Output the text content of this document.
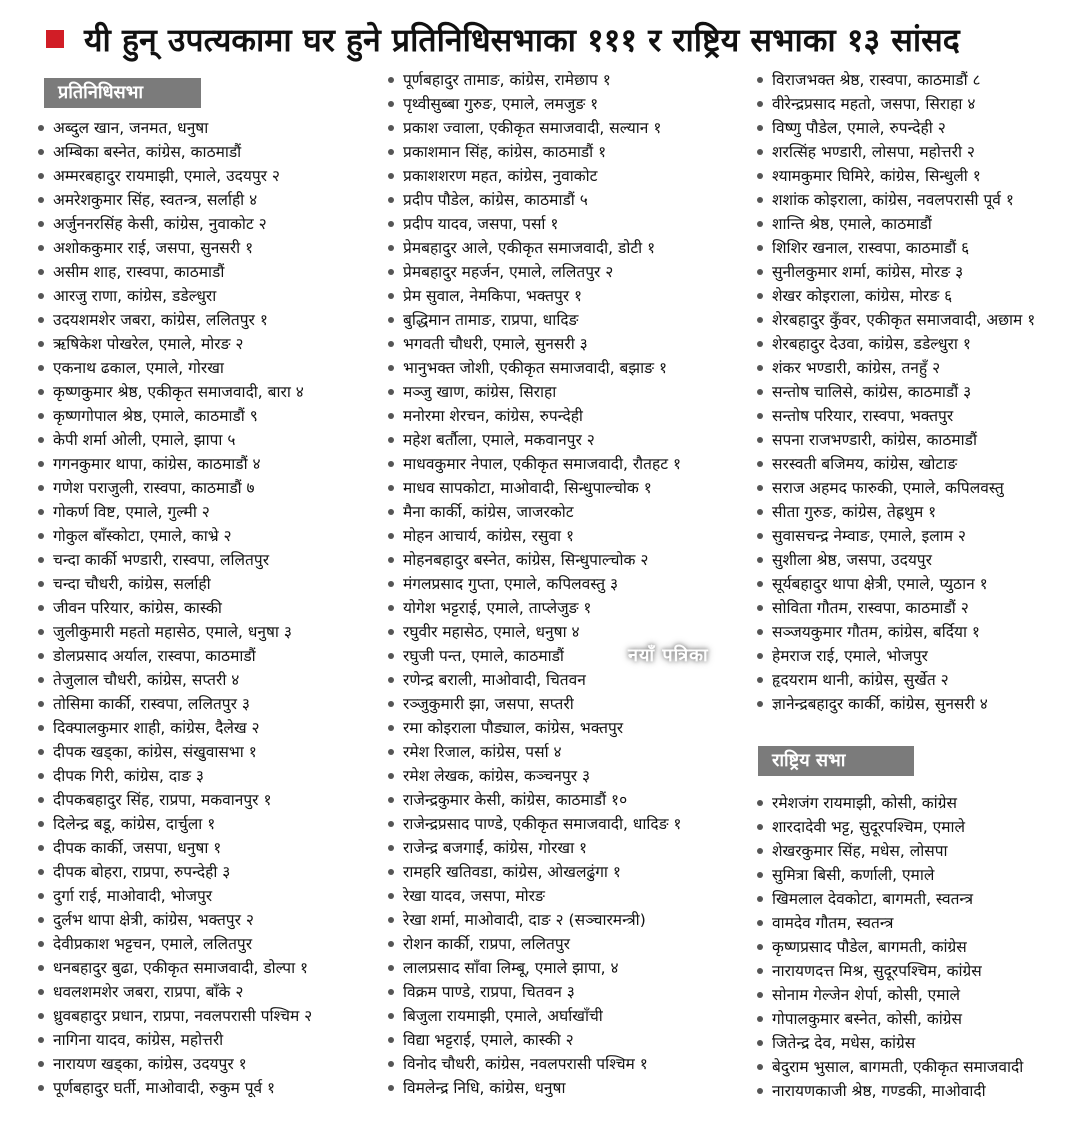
यी हुन् उपत्यकामा घर हुने प्रतिनिधिसभाका १११ र राष्ट्रिय सभाका १३ सांसद
प्रतिनिधिसभा
अब्दुल खान, जनमत, धनुषा
अम्बिका बस्नेत, कांग्रेस, काठमाडौं
अम्मरबहादुर रायमाझी, एमाले, उदयपुर २
अमरेशकुमार सिंह, स्वतन्त्र, सर्लाही ४
अर्जुननरसिंह केसी, कांग्रेस, नुवाकोट २
अशोककुमार राई, जसपा, सुनसरी १
असीम शाह, रास्वपा, काठमाडौं
आरजु राणा, कांग्रेस, डडेल्धुरा
उदयशमशेर जबरा, कांग्रेस, ललितपुर १
ऋषिकेश पोखरेल, एमाले, मोरङ २
एकनाथ ढकाल, एमाले, गोरखा
कृष्णकुमार श्रेष्ठ, एकीकृत समाजवादी, बारा ४
कृष्णगोपाल श्रेष्ठ, एमाले, काठमाडौं ९
केपी शर्मा ओली, एमाले, झापा ५
गगनकुमार थापा, कांग्रेस, काठमाडौं ४
गणेश पराजुली, रास्वपा, काठमाडौं ७
गोकर्ण विष्ट, एमाले, गुल्मी २
गोकुल बाँस्कोटा, एमाले, काभ्रे २
चन्दा कार्की भण्डारी, रास्वपा, ललितपुर
चन्दा चौधरी, कांग्रेस, सर्लाही
जीवन परियार, कांग्रेस, कास्की
जुलीकुमारी महतो महासेठ, एमाले, धनुषा ३
डोलप्रसाद अर्याल, रास्वपा, काठमाडौं
तेजुलाल चौधरी, कांग्रेस, सप्तरी ४
तोसिमा कार्की, रास्वपा, ललितपुर ३
दिक्पालकुमार शाही, कांग्रेस, दैलेख २
दीपक खड्का, कांग्रेस, संखुवासभा १
दीपक गिरी, कांग्रेस, दाङ ३
दीपकबहादुर सिंह, राप्रपा, मकवानपुर १
दिलेन्द्र बडू, कांग्रेस, दार्चुला १
दीपक कार्की, जसपा, धनुषा १
दीपक बोहरा, राप्रपा, रुपन्देही ३
दुर्गा राई, माओवादी, भोजपुर
दुर्लभ थापा क्षेत्री, कांग्रेस, भक्तपुर २
देवीप्रकाश भट्टचन, एमाले, ललितपुर
धनबहादुर बुढा, एकीकृत समाजवादी, डोल्पा १
धवलशमशेर जबरा, राप्रपा, बाँके २
ध्रुवबहादुर प्रधान, राप्रपा, नवलपरासी पश्चिम २
नागिना यादव, कांग्रेस, महोत्तरी
नारायण खड्का, कांग्रेस, उदयपुर १
पूर्णबहादुर घर्ती, माओवादी, रुकुम पूर्व १
पूर्णबहादुर तामाङ, कांग्रेस, रामेछाप १
पृथ्वीसुब्बा गुरुङ, एमाले, लमजुङ १
प्रकाश ज्वाला, एकीकृत समाजवादी, सल्यान १
प्रकाशमान सिंह, कांग्रेस, काठमाडौं १
प्रकाशशरण महत, कांग्रेस, नुवाकोट
प्रदीप पौडेल, कांग्रेस, काठमाडौं ५
प्रदीप यादव, जसपा, पर्सा १
प्रेमबहादुर आले, एकीकृत समाजवादी, डोटी १
प्रेमबहादुर महर्जन, एमाले, ललितपुर २
प्रेम सुवाल, नेमकिपा, भक्तपुर १
बुद्धिमान तामाङ, राप्रपा, धादिङ
भगवती चौधरी, एमाले, सुनसरी ३
भानुभक्त जोशी, एकीकृत समाजवादी, बझाङ १
मञ्जु खाण, कांग्रेस, सिराहा
मनोरमा शेरचन, कांग्रेस, रुपन्देही
महेश बर्तौला, एमाले, मकवानपुर २
माधवकुमार नेपाल, एकीकृत समाजवादी, रौतहट १
माधव सापकोटा, माओवादी, सिन्धुपाल्चोक १
मैना कार्की, कांग्रेस, जाजरकोट
मोहन आचार्य, कांग्रेस, रसुवा १
मोहनबहादुर बस्नेत, कांग्रेस, सिन्धुपाल्चोक २
मंगलप्रसाद गुप्ता, एमाले, कपिलवस्तु ३
योगेश भट्टराई, एमाले, ताप्लेजुङ १
रघुवीर महासेठ, एमाले, धनुषा ४
रघुजी पन्त, एमाले, काठमाडौं
रणेन्द्र बराली, माओवादी, चितवन
रञ्जुकुमारी झा, जसपा, सप्तरी
रमा कोइराला पौड्याल, कांग्रेस, भक्तपुर
रमेश रिजाल, कांग्रेस, पर्सा ४
रमेश लेखक, कांग्रेस, कञ्चनपुर ३
राजेन्द्रकुमार केसी, कांग्रेस, काठमाडौं १०
राजेन्द्रप्रसाद पाण्डे, एकीकृत समाजवादी, धादिङ १
राजेन्द्र बजगाईं, कांग्रेस, गोरखा १
रामहरि खतिवडा, कांग्रेस, ओखलढुंगा १
रेखा यादव, जसपा, मोरङ
रेखा शर्मा, माओवादी, दाङ २ (सञ्चारमन्त्री)
रोशन कार्की, राप्रपा, ललितपुर
लालप्रसाद साँवा लिम्बू, एमाले झापा, ४
विक्रम पाण्डे, राप्रपा, चितवन ३
बिजुला रायमाझी, एमाले, अर्घाखाँची
विद्या भट्टराई, एमाले, कास्की २
विनोद चौधरी, कांग्रेस, नवलपरासी पश्चिम १
विमलेन्द्र निधि, कांग्रेस, धनुषा
विराजभक्त श्रेष्ठ, रास्वपा, काठमाडौं ८
वीरेन्द्रप्रसाद महतो, जसपा, सिराहा ४
विष्णु पौडेल, एमाले, रुपन्देही २
शरत्सिंह भण्डारी, लोसपा, महोत्तरी २
श्यामकुमार घिमिरे, कांग्रेस, सिन्धुली १
शशांक कोइराला, कांग्रेस, नवलपरासी पूर्व १
शान्ति श्रेष्ठ, एमाले, काठमाडौं
शिशिर खनाल, रास्वपा, काठमाडौं ६
सुनीलकुमार शर्मा, कांग्रेस, मोरङ ३
शेखर कोइराला, कांग्रेस, मोरङ ६
शेरबहादुर कुँवर, एकीकृत समाजवादी, अछाम १
शेरबहादुर देउवा, कांग्रेस, डडेल्धुरा १
शंकर भण्डारी, कांग्रेस, तनहुँ २
सन्तोष चालिसे, कांग्रेस, काठमाडौं ३
सन्तोष परियार, रास्वपा, भक्तपुर
सपना राजभण्डारी, कांग्रेस, काठमाडौं
सरस्वती बजिमय, कांग्रेस, खोटाङ
सराज अहमद फारुकी, एमाले, कपिलवस्तु
सीता गुरुङ, कांग्रेस, तेह्रथुम १
सुवासचन्द्र नेम्वाङ, एमाले, इलाम २
सुशीला श्रेष्ठ, जसपा, उदयपुर
सूर्यबहादुर थापा क्षेत्री, एमाले, प्युठान १
सोविता गौतम, रास्वपा, काठमाडौं २
सञ्जयकुमार गौतम, कांग्रेस, बर्दिया १
हेमराज राई, एमाले, भोजपुर
हृदयराम थानी, कांग्रेस, सुर्खेत २
ज्ञानेन्द्रबहादुर कार्की, कांग्रेस, सुनसरी ४
राष्ट्रिय सभा
रमेशजंग रायमाझी, कोसी, कांग्रेस
शारदादेवी भट्ट, सुदूरपश्चिम, एमाले
शेखरकुमार सिंह, मधेस, लोसपा
सुमित्रा बिसी, कर्णाली, एमाले
खिमलाल देवकोटा, बागमती, स्वतन्त्र
वामदेव गौतम, स्वतन्त्र
कृष्णप्रसाद पौडेल, बागमती, कांग्रेस
नारायणदत्त मिश्र, सुदूरपश्चिम, कांग्रेस
सोनाम गेल्जेन शेर्पा, कोसी, एमाले
गोपालकुमार बस्नेत, कोसी, कांग्रेस
जितेन्द्र देव, मधेस, कांग्रेस
बेदुराम भुसाल, बागमती, एकीकृत समाजवादी
नारायणकाजी श्रेष्ठ, गण्डकी, माओवादी
नयाँ पत्रिका
